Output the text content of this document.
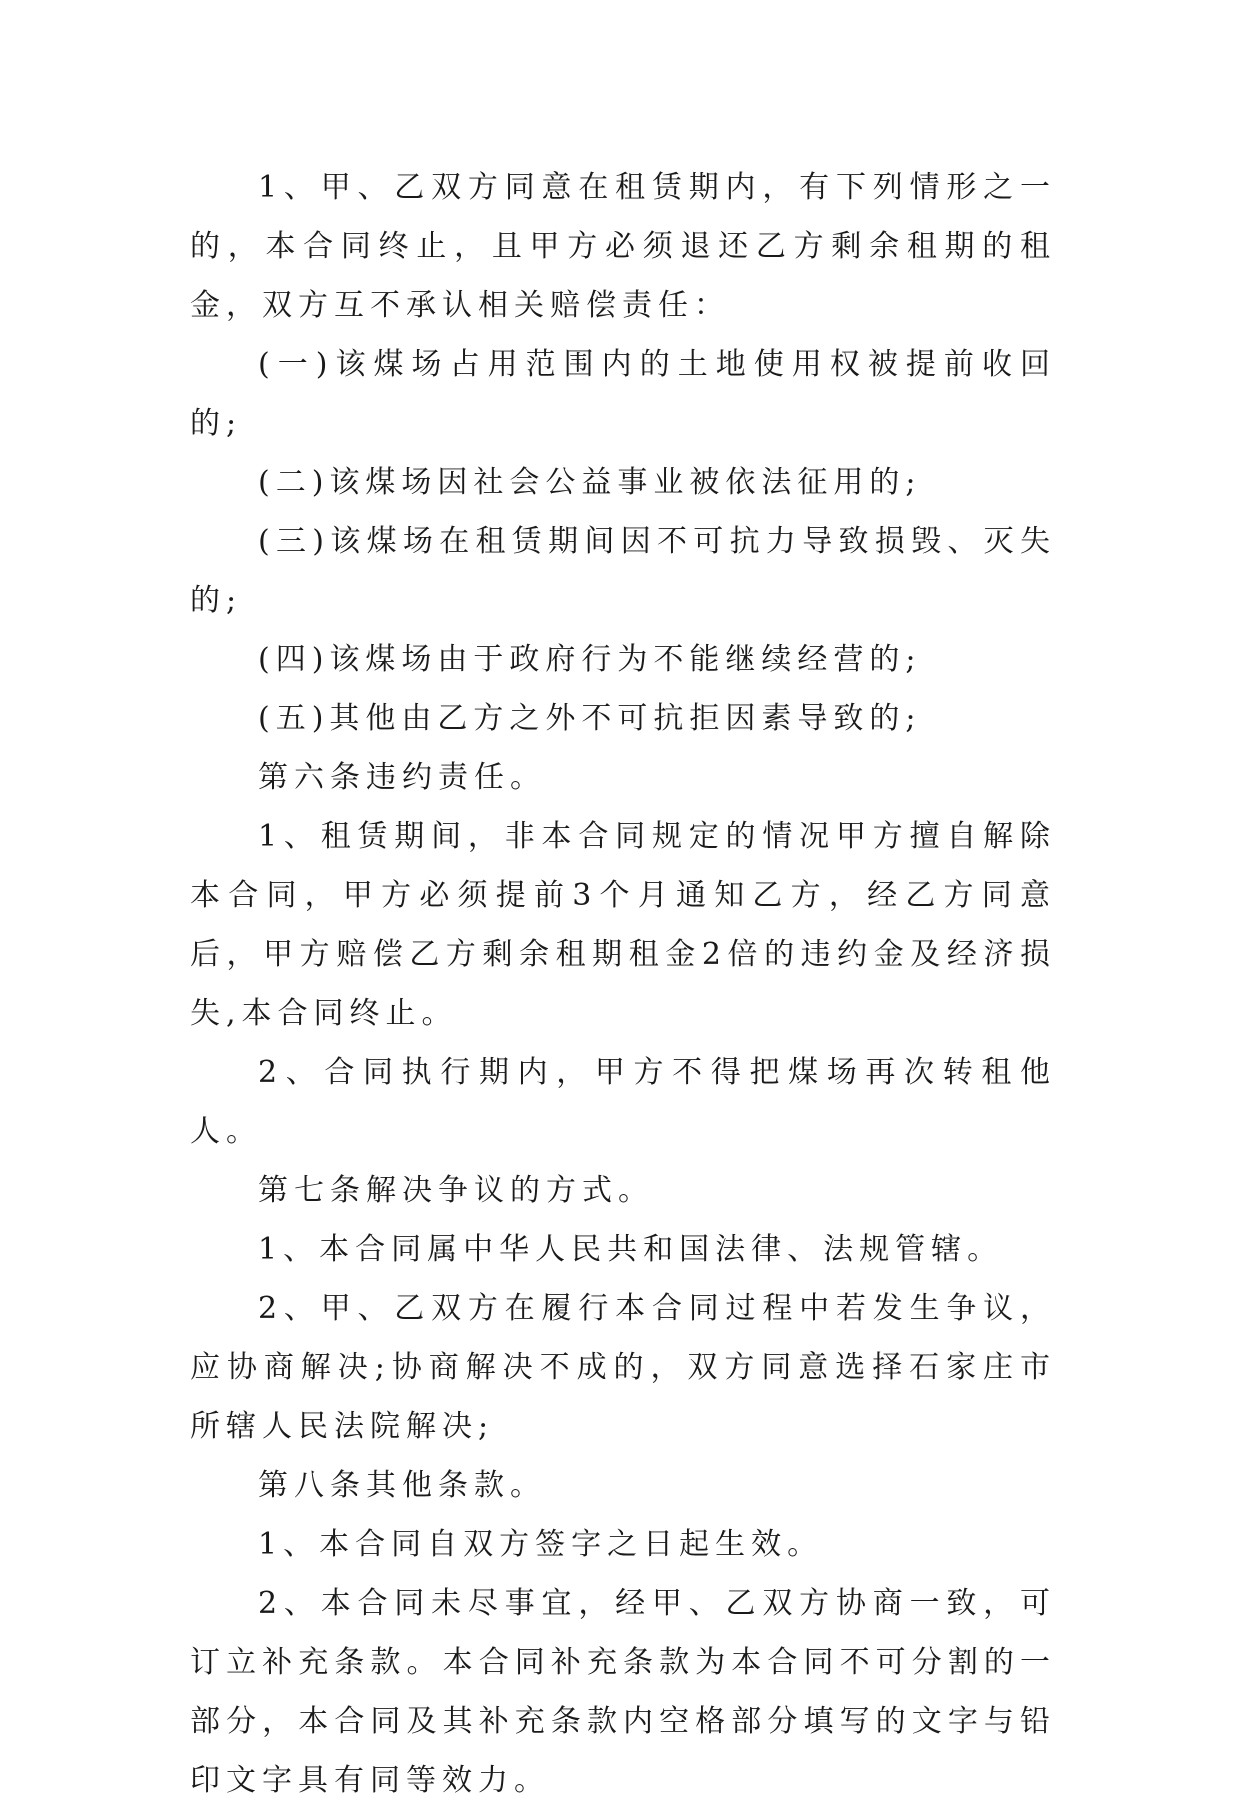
1、甲、乙双方同意在租赁期内，有下列情形之一的，本合同终止，且甲方必须退还乙方剩余租期的租金，双方互不承认相关赔偿责任：

(一)该煤场占用范围内的土地使用权被提前收回的;

(二)该煤场因社会公益事业被依法征用的;

(三)该煤场在租赁期间因不可抗力导致损毁、灭失的;

(四)该煤场由于政府行为不能继续经营的;

(五)其他由乙方之外不可抗拒因素导致的;

第六条违约责任。

1、租赁期间，非本合同规定的情况甲方擅自解除本合同，甲方必须提前3个月通知乙方，经乙方同意后，甲方赔偿乙方剩余租期租金2倍的违约金及经济损失,本合同终止。

2、合同执行期内，甲方不得把煤场再次转租他人。

第七条解决争议的方式。

1、本合同属中华人民共和国法律、法规管辖。

2、甲、乙双方在履行本合同过程中若发生争议，应协商解决;协商解决不成的，双方同意选择石家庄市所辖人民法院解决;

第八条其他条款。

1、本合同自双方签字之日起生效。

2、本合同未尽事宜，经甲、乙双方协商一致，可订立补充条款。本合同补充条款为本合同不可分割的一部分，本合同及其补充条款内空格部分填写的文字与铅印文字具有同等效力。
